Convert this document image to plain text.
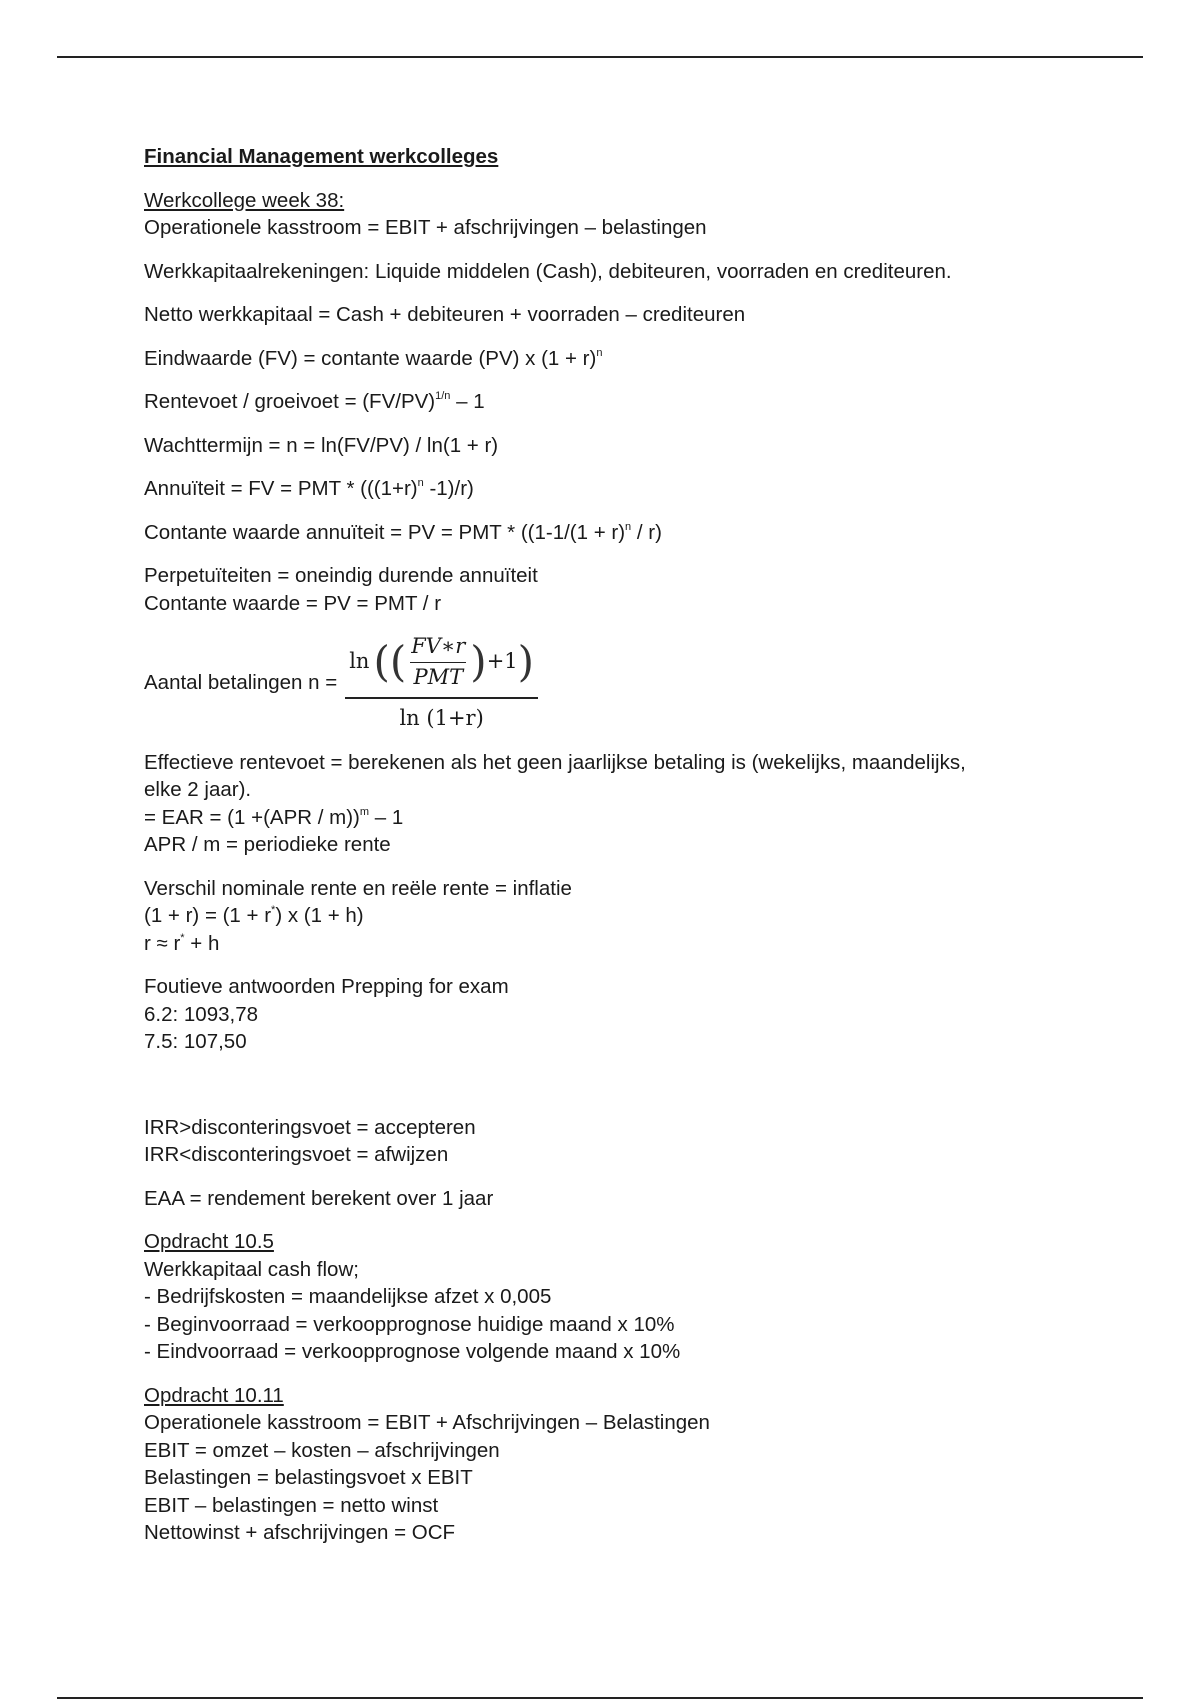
Financial Management werkcolleges

Werkcollege week 38:
Operationele kasstroom = EBIT + afschrijvingen – belastingen

Werkkapitaalrekeningen: Liquide middelen (Cash), debiteuren, voorraden en crediteuren.

Netto werkkapitaal = Cash + debiteuren + voorraden – crediteuren

Eindwaarde (FV) = contante waarde (PV) x $(1 + r)^n$

Rentevoet / groeivoet = $(FV/PV)^{1/n} - 1$

Wachttermijn = n = ln(FV/PV) / ln(1 + r)

Annuïteit = FV = PMT * (($(1+r)^n$ -1)/r)

Contante waarde annuïteit = PV = PMT * ($(1-1/(1 + r)^n / r)$

Perpetuïteiten = oneindig durende annuïteit
Contante waarde = PV = PMT / r

Aantal betalingen n =
ln ( ( $\frac{FV∗r}{\text{PMT}}$ ) +1 )
ln (1+r)

Effectieve rentevoet = berekenen als het geen jaarlijkse betaling is (wekelijks, maandelijks,
elke 2 jaar).
= EAR = $(1 +(APR / m))^m - 1$
APR / m = periodieke rente

Verschil nominale rente en reële rente = inflatie
(1 + r) = (1 + r*) x (1 + h)
r ≈ r* + h

Foutieve antwoorden Prepping for exam
6.2: 1093,78
7.5: 107,50

IRR>disconteringsvoet = accepteren
IRR<disconteringsvoet = afwijzen

EAA = rendement berekent over 1 jaar

Opdracht 10.5
Werkkapitaal cash flow;
- Bedrijfskosten = maandelijkse afzet x 0,005
- Beginvoorraad = verkoopprognose huidige maand x 10%
- Eindvoorraad = verkoopprognose volgende maand x 10%

Opdracht 10.11
Operationele kasstroom = EBIT + Afschrijvingen – Belastingen
EBIT = omzet – kosten – afschrijvingen
Belastingen = belastingsvoet x EBIT
EBIT – belastingen = netto winst
Nettowinst + afschrijvingen = OCF
